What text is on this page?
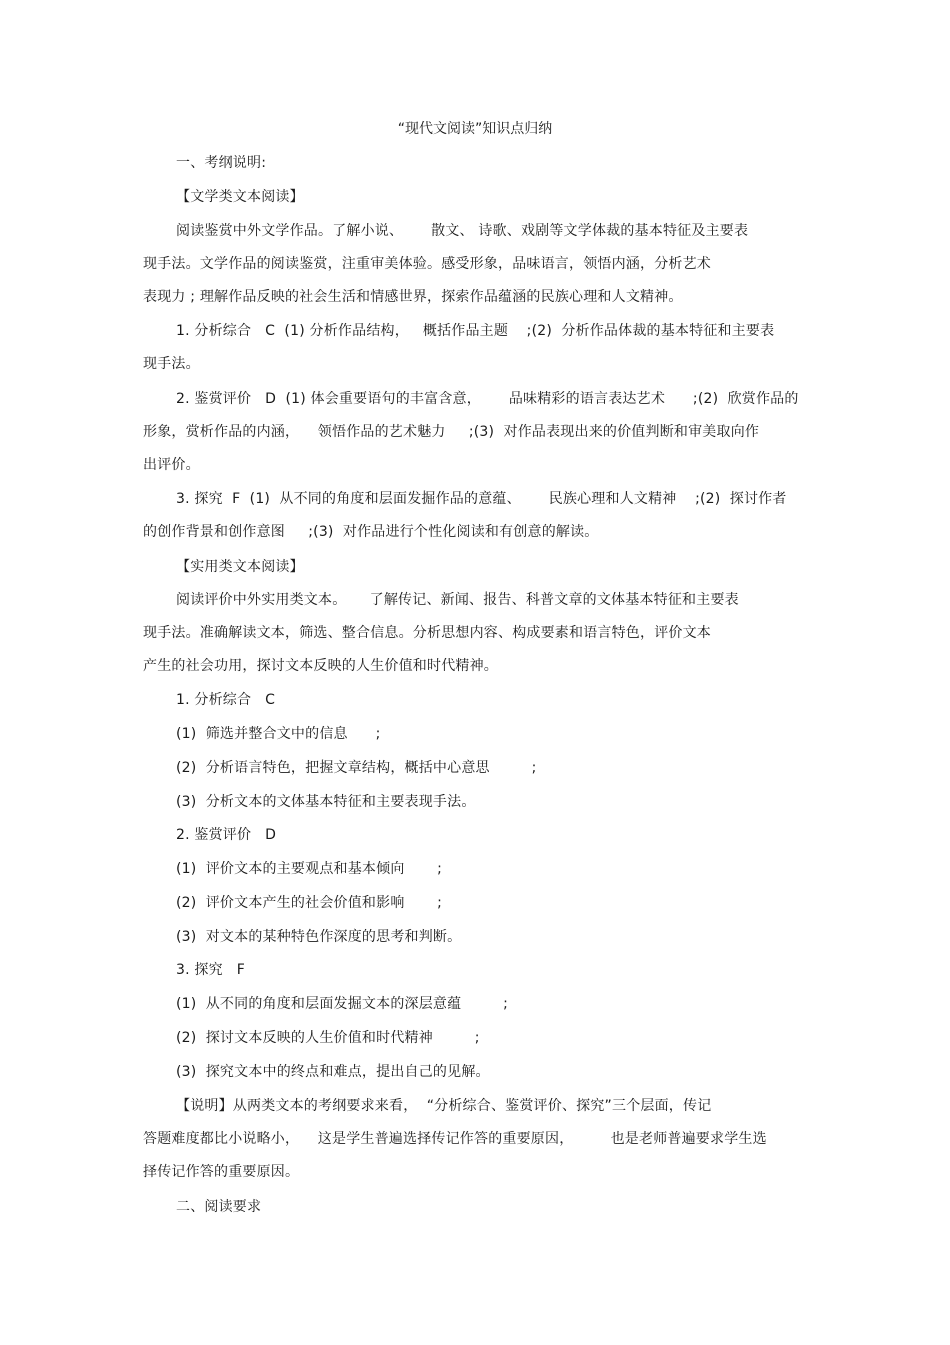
“现代文阅读”知识点归纳
一、考纲说明:
【文学类文本阅读】
阅读鉴赏中外文学作品。了解小说、      散文、 诗歌、戏剧等文学体裁的基本特征及主要表
现手法。文学作品的阅读鉴赏，注重审美体验。感受形象，品味语言，领悟内涵，分析艺术
表现力 ; 理解作品反映的社会生活和情感世界，探索作品蕴涵的民族心理和人文精神。
1. 分析综合   C  (1) 分析作品结构，   概括作品主题    ;(2)  分析作品体裁的基本特征和主要表
现手法。
2. 鉴赏评价   D  (1) 体会重要语句的丰富含意，      品味精彩的语言表达艺术      ;(2)  欣赏作品的
形象，赏析作品的内涵，    领悟作品的艺术魅力     ;(3)  对作品表现出来的价值判断和审美取向作
出评价。
3. 探究  F  (1)  从不同的角度和层面发掘作品的意蕴、      民族心理和人文精神    ;(2)  探讨作者
的创作背景和创作意图     ;(3)  对作品进行个性化阅读和有创意的解读。
【实用类文本阅读】
阅读评价中外实用类文本。     了解传记、新闻、报告、科普文章的文体基本特征和主要表
现手法。准确解读文本，筛选、整合信息。分析思想内容、构成要素和语言特色，评价文本
产生的社会功用，探讨文本反映的人生价值和时代精神。
1. 分析综合   C
(1)  筛选并整合文中的信息      ;
(2)  分析语言特色，把握文章结构，概括中心意思         ;
(3)  分析文本的文体基本特征和主要表现手法。
2. 鉴赏评价   D
(1)  评价文本的主要观点和基本倾向       ;
(2)  评价文本产生的社会价值和影响       ;
(3)  对文本的某种特色作深度的思考和判断。
3. 探究   F
(1)  从不同的角度和层面发掘文本的深层意蕴         ;
(2)  探讨文本反映的人生价值和时代精神         ;
(3)  探究文本中的终点和难点，提出自己的见解。
【说明】从两类文本的考纲要求来看，  “分析综合、鉴赏评价、探究”三个层面，传记
答题难度都比小说略小，    这是学生普遍选择传记作答的重要原因，        也是老师普遍要求学生选
择传记作答的重要原因。
二、阅读要求
